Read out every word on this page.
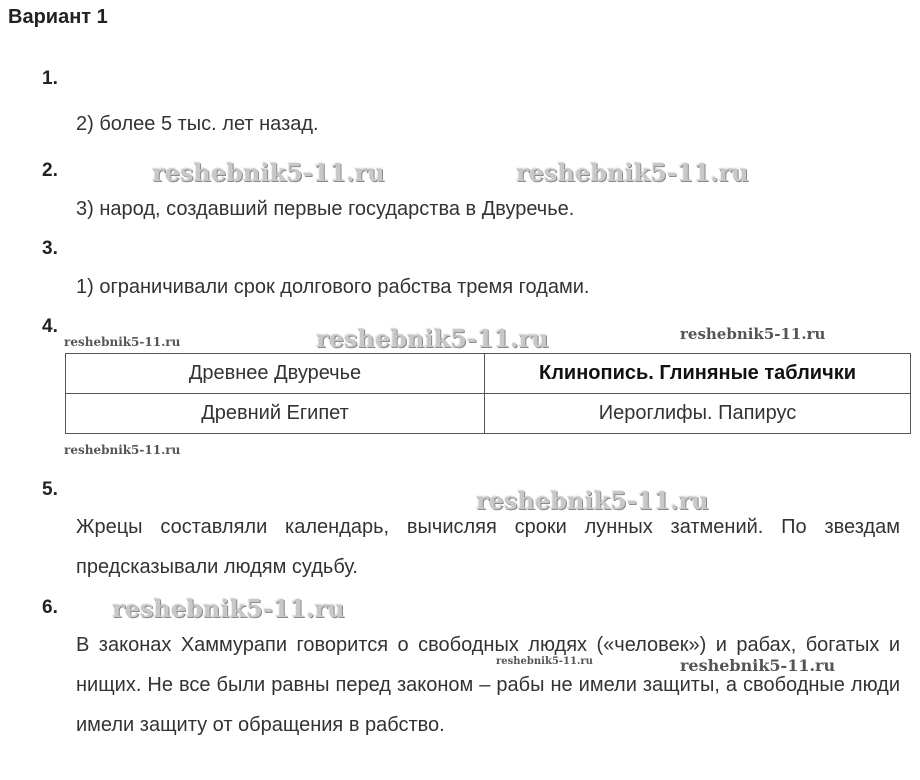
Вариант 1
1.
2) более 5 тыс. лет назад.
2.	reshebnik5-11.ru	reshebnik5-11.ru
3) народ, создавший первые государства в Двуречье.
3.
1) ограничивали срок долгового рабства тремя годами.
4.
reshebnik5-11.ru	reshebnik5-11.ru	reshebnik5-11.ru
Древнее Двуречье	Клинопись. Глиняные таблички
Древний Египет	Иероглифы. Папирус
reshebnik5-11.ru
5.	reshebnik5-11.ru
Жрецы составляли календарь, вычисляя сроки лунных затмений. По звездам предсказывали людям судьбу.
6. reshebnik5-11.ru
В законах Хаммурапи говорится о свободных людях («человек») и рабах, богатых и нищих. Не все были равны перед законом – рабы не имели защиты, а свободные люди имели защиту от обращения в рабство.
reshebnik5-11.ru	reshebnik5-11.ru
